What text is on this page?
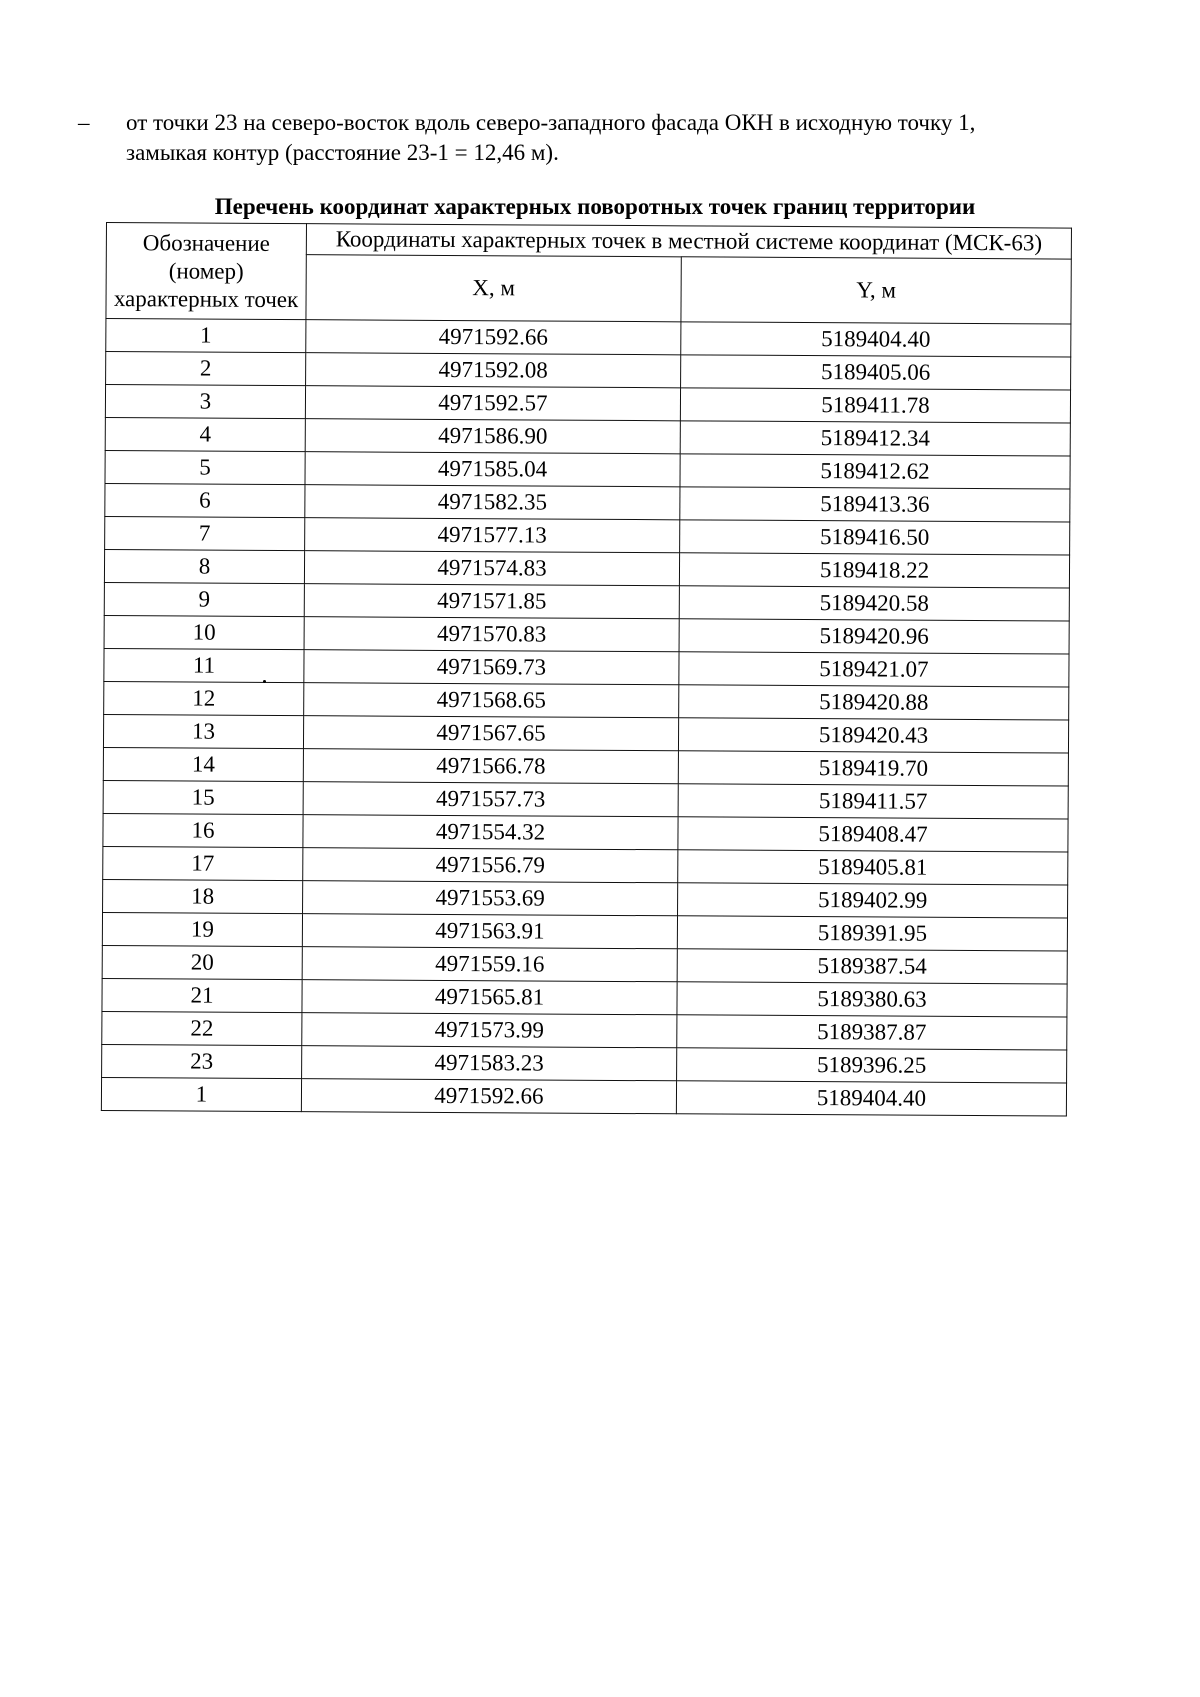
– от точки 23 на северо-восток вдоль северо-западного фасада ОКН в исходную точку 1,
замыкая контур (расстояние 23-1 = 12,46 м).
Перечень координат характерных поворотных точек границ территории
Обозначение
(номер)
характерных точек	Координаты характерных точек в местной системе координат (МСК-63)	
	X, м	Y, м
1	4971592.66	5189404.40
2	4971592.08	5189405.06
3	4971592.57	5189411.78
4	4971586.90	5189412.34
5	4971585.04	5189412.62
6	4971582.35	5189413.36
7	4971577.13	5189416.50
8	4971574.83	5189418.22
9	4971571.85	5189420.58
10	4971570.83	5189420.96
11	4971569.73	5189421.07
12	4971568.65	5189420.88
13	4971567.65	5189420.43
14	4971566.78	5189419.70
15	4971557.73	5189411.57
16	4971554.32	5189408.47
17	4971556.79	5189405.81
18	4971553.69	5189402.99
19	4971563.91	5189391.95
20	4971559.16	5189387.54
21	4971565.81	5189380.63
22	4971573.99	5189387.87
23	4971583.23	5189396.25
1	4971592.66	5189404.40
